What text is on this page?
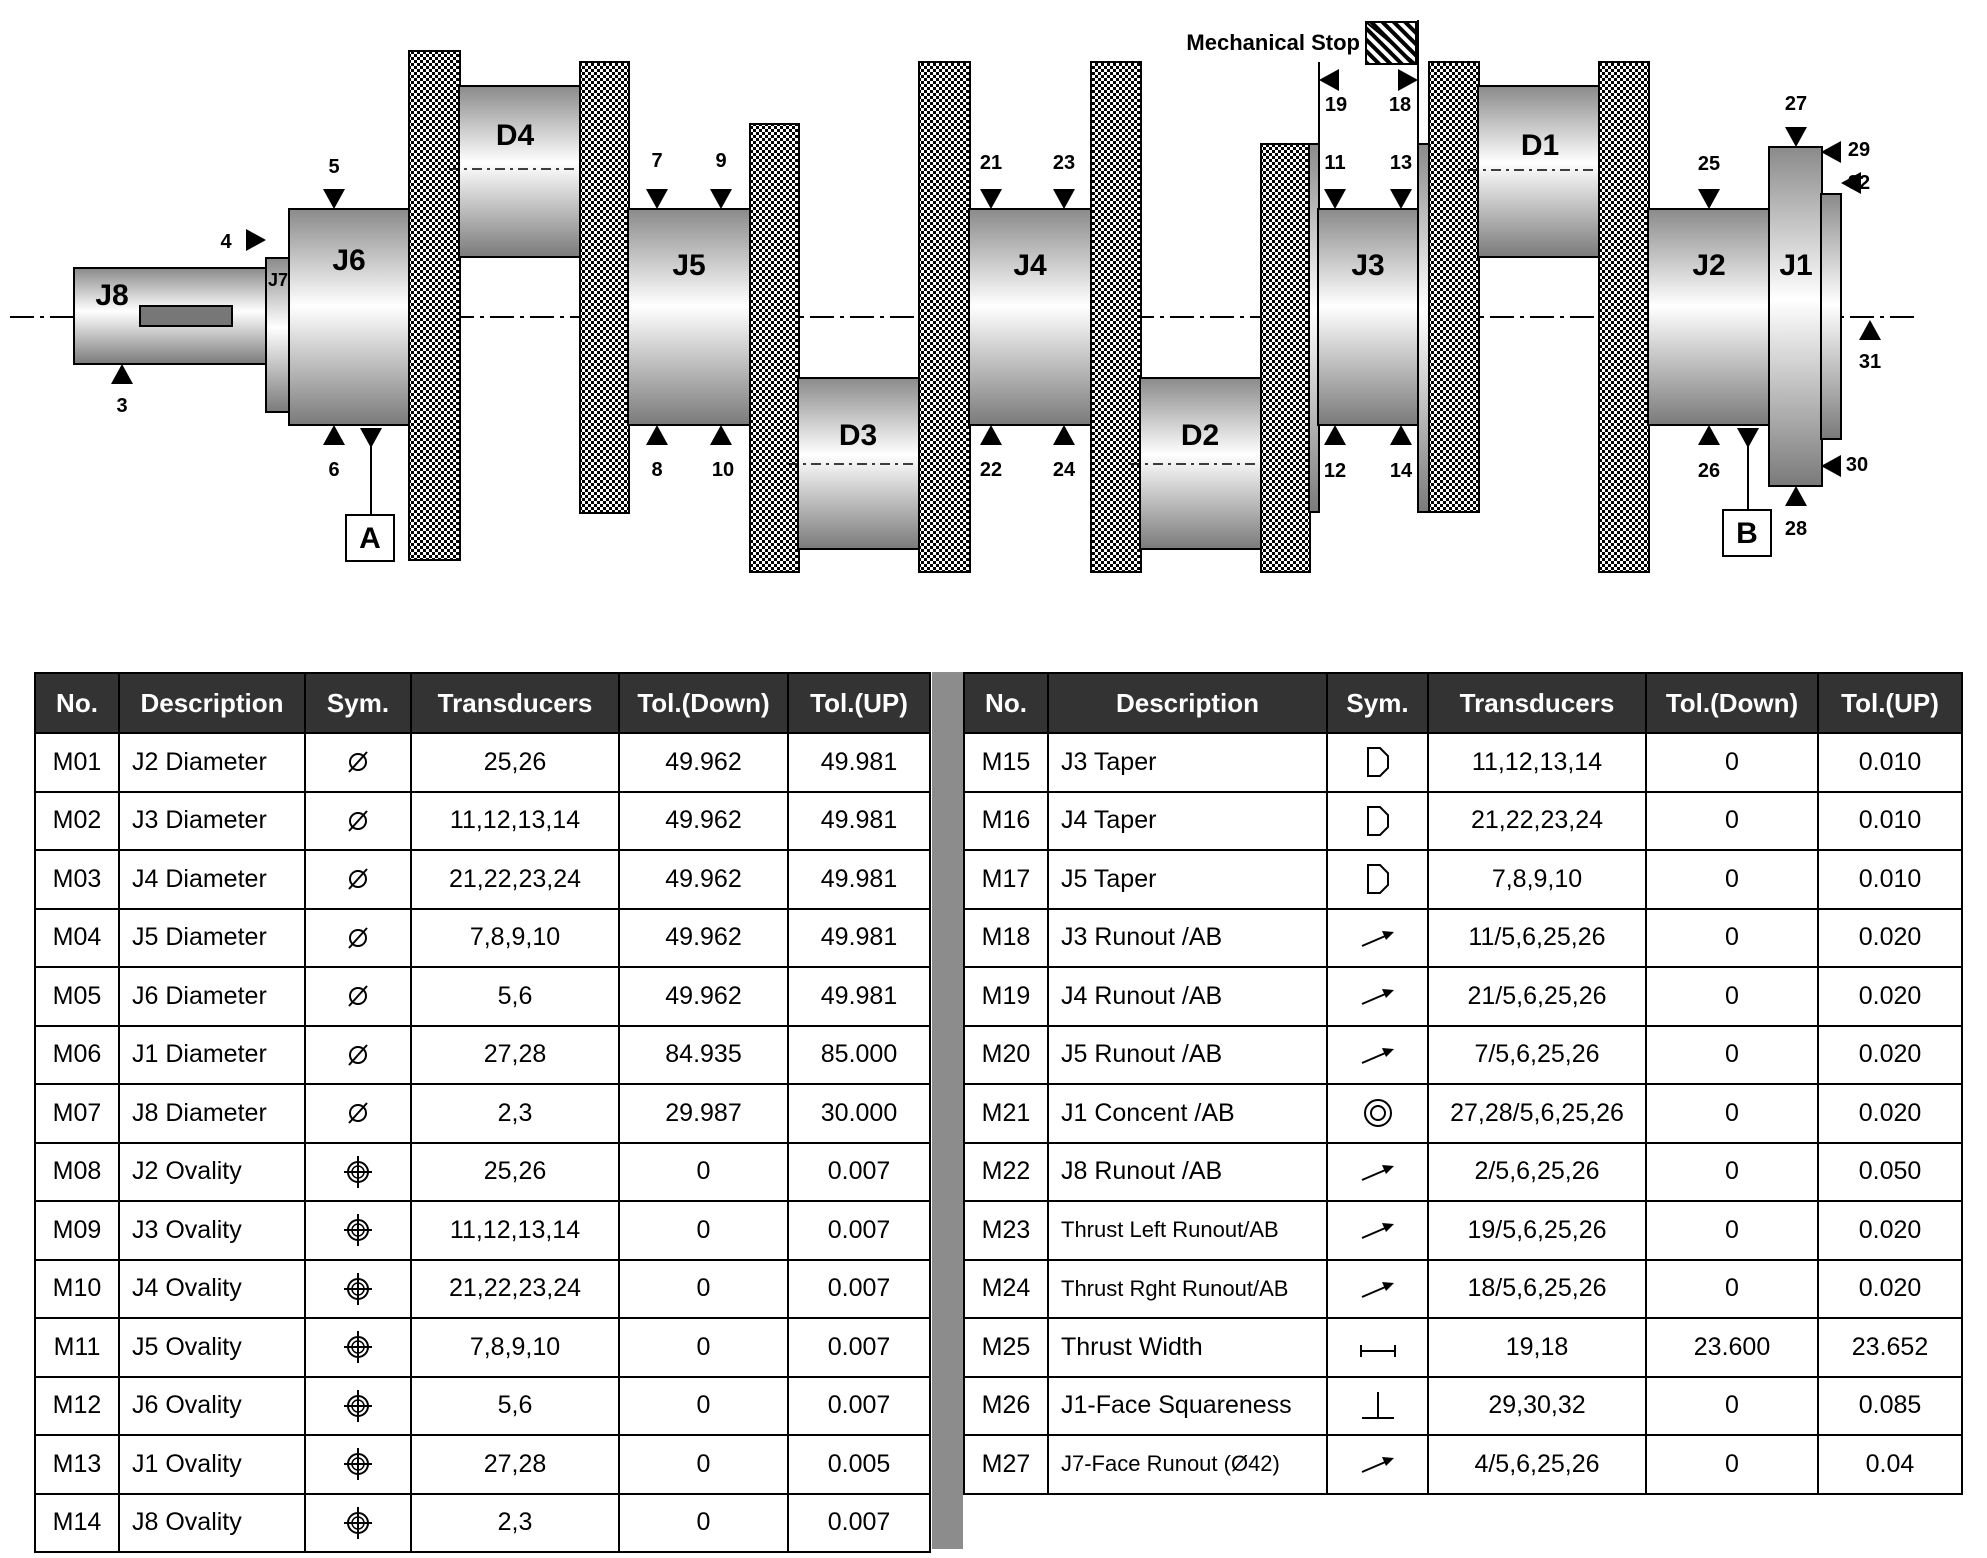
Mechanical Stop
J8	J7
J6	J5	J4	J3	J2 J1
D4
D3	D2
D1
3
4
5
6
7
8
9
10
21
22
23
24
11
12
13
14
19 18
25
26
27
28
29
32
30
31
A	B
No.	Description	Sym.	Transducers	Tol.(Down)	Tol.(UP)
M01	J2 Diameter		25,26	49.962	49.981
M02	J3 Diameter		11,12,13,14	49.962	49.981
M03	J4 Diameter		21,22,23,24	49.962	49.981
M04	J5 Diameter		7,8,9,10	49.962	49.981
M05	J6 Diameter		5,6	49.962	49.981
M06	J1 Diameter		27,28	84.935	85.000
M07	J8 Diameter		2,3	29.987	30.000
M08	J2 Ovality		25,26	0	0.007
M09	J3 Ovality		11,12,13,14	0	0.007
M10	J4 Ovality		21,22,23,24	0	0.007
M11	J5 Ovality		7,8,9,10	0	0.007
M12	J6 Ovality		5,6	0	0.007
M13	J1 Ovality		27,28	0	0.005
M14	J8 Ovality		2,3	0	0.007
No.	Description	Sym.	Transducers	Tol.(Down)	Tol.(UP)
M15	J3 Taper		11,12,13,14	0	0.010
M16	J4 Taper		21,22,23,24	0	0.010
M17	J5 Taper		7,8,9,10	0	0.010
M18	J3 Runout /AB		11/5,6,25,26	0	0.020
M19	J4 Runout /AB		21/5,6,25,26	0	0.020
M20	J5 Runout /AB		7/5,6,25,26	0	0.020
M21	J1 Concent /AB		27,28/5,6,25,26	0	0.020
M22	J8 Runout /AB		2/5,6,25,26	0	0.050
M23	Thrust Left Runout/AB		19/5,6,25,26	0	0.020
M24	Thrust Rght Runout/AB		18/5,6,25,26	0	0.020
M25	Thrust Width		19,18	23.600	23.652
M26	J1-Face Squareness		29,30,32	0	0.085
M27	J7-Face Runout (Ø42)		4/5,6,25,26	0	0.04
